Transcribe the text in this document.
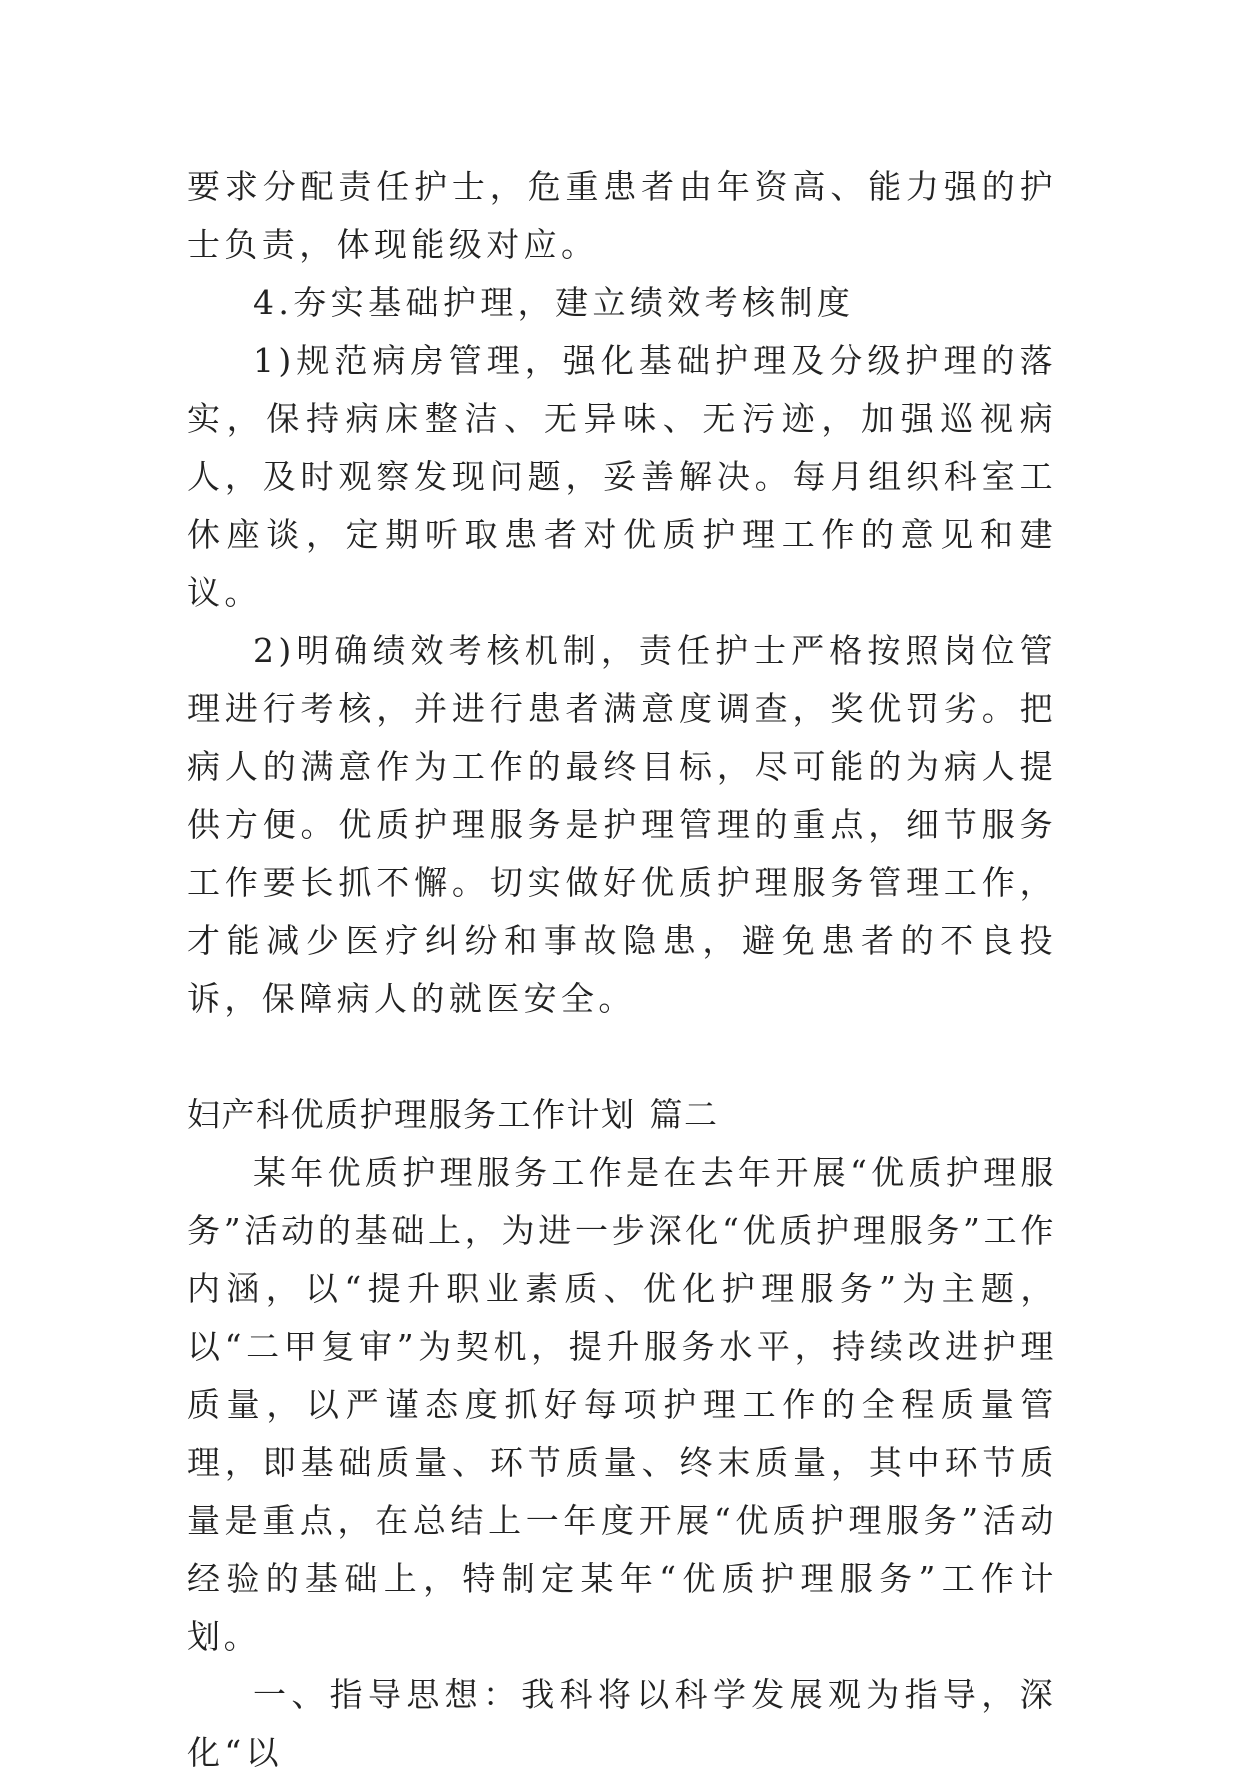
要求分配责任护士，危重患者由年资高、能力强的护士负责，体现能级对应。

4.夯实基础护理，建立绩效考核制度

1)规范病房管理，强化基础护理及分级护理的落实，保持病床整洁、无异味、无污迹，加强巡视病人，及时观察发现问题，妥善解决。每月组织科室工休座谈，定期听取患者对优质护理工作的意见和建议。

2)明确绩效考核机制，责任护士严格按照岗位管理进行考核，并进行患者满意度调查，奖优罚劣。把病人的满意作为工作的最终目标，尽可能的为病人提供方便。优质护理服务是护理管理的重点，细节服务工作要长抓不懈。切实做好优质护理服务管理工作，才能减少医疗纠纷和事故隐患，避免患者的不良投诉，保障病人的就医安全。

妇产科优质护理服务工作计划 篇二

某年优质护理服务工作是在去年开展“优质护理服务”活动的基础上，为进一步深化“优质护理服务”工作内涵，以“提升职业素质、优化护理服务”为主题，以“二甲复审”为契机，提升服务水平，持续改进护理质量，以严谨态度抓好每项护理工作的全程质量管理，即基础质量、环节质量、终末质量，其中环节质量是重点，在总结上一年度开展“优质护理服务”活动经验的基础上，特制定某年“优质护理服务”工作计划。

一、指导思想：我科将以科学发展观为指导，深化“以
